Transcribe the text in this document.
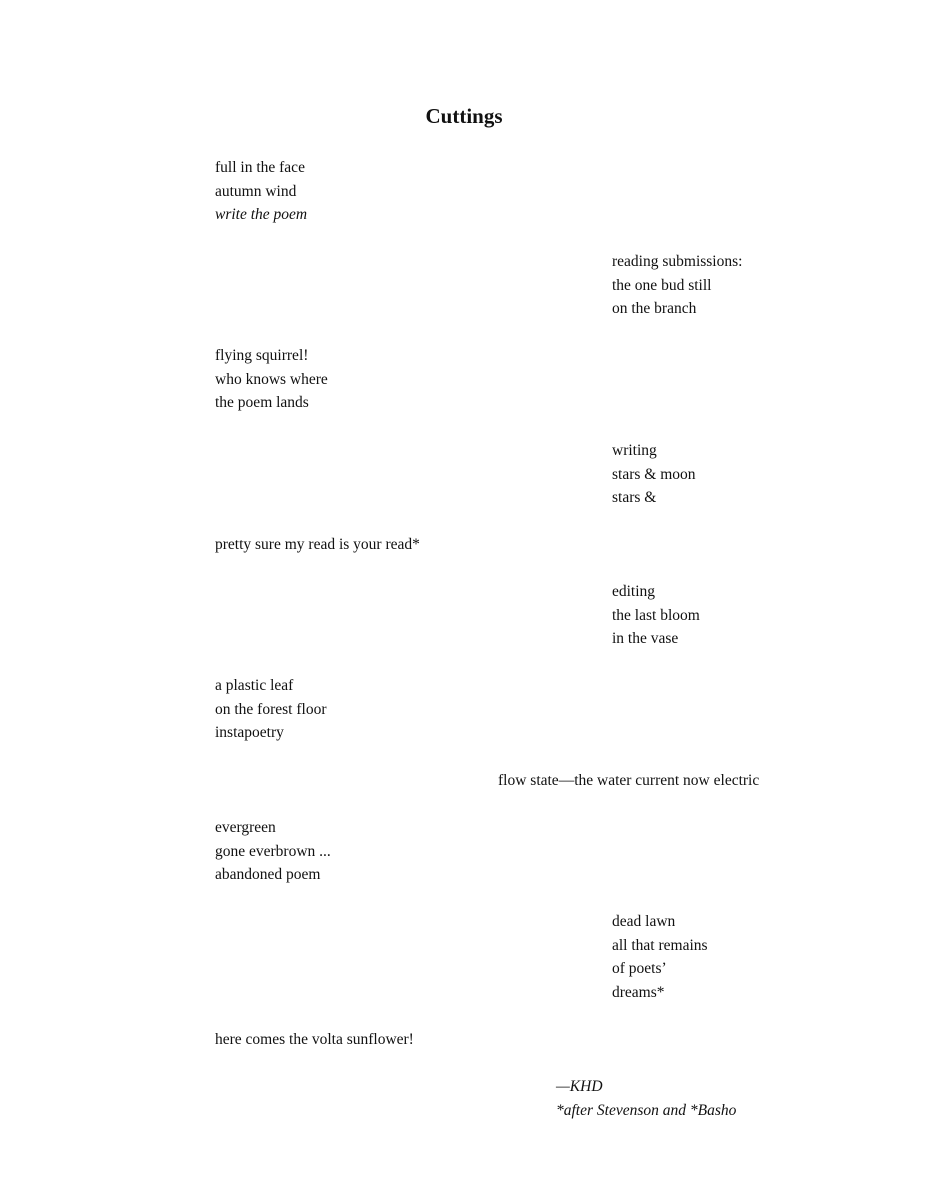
Cuttings
full in the face
autumn wind
write the poem
reading submissions:
the one bud still
on the branch
flying squirrel!
who knows where
the poem lands
writing
stars & moon
stars &
pretty sure my read is your read*
editing
the last bloom
in the vase
a plastic leaf
on the forest floor
instapoetry
flow state—the water current now electric
evergreen
gone everbrown ...
abandoned poem
dead lawn
all that remains
of poets’
dreams*
here comes the volta sunflower!
—KHD
*after Stevenson and *Basho
